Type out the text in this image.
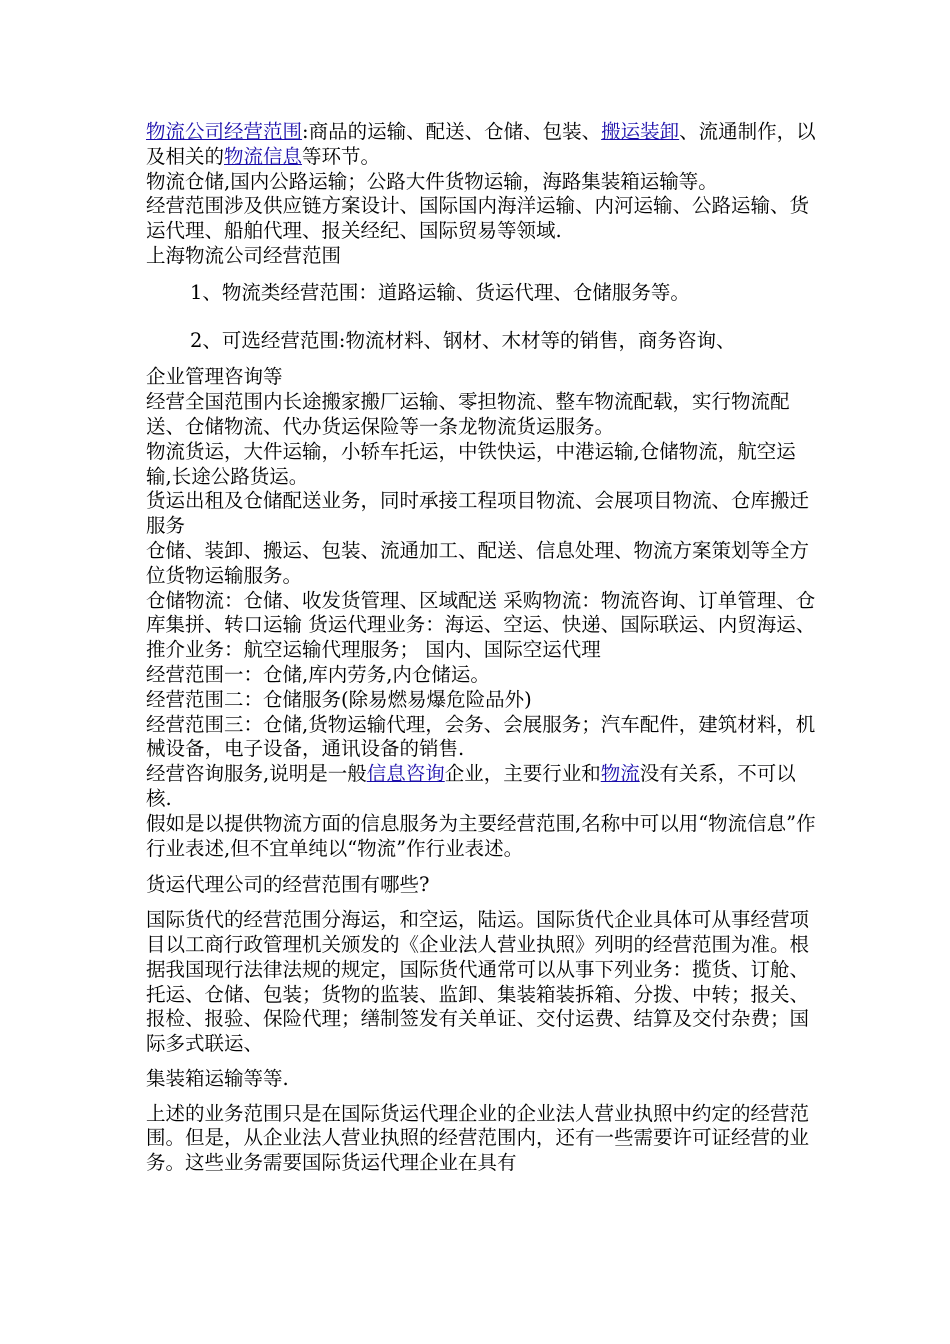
物流公司经营范围:商品的运输、配送、仓储、包装、搬运装卸、流通制作，以及相关的物流信息等环节。

物流仓储,国内公路运输；公路大件货物运输，海路集装箱运输等。

经营范围涉及供应链方案设计、国际国内海洋运输、内河运输、公路运输、货运代理、船舶代理、报关经纪、国际贸易等领域.

上海物流公司经营范围

1、物流类经营范围：道路运输、货运代理、仓储服务等。

2、可选经营范围:物流材料、钢材、木材等的销售，商务咨询、

企业管理咨询等

经营全国范围内长途搬家搬厂运输、零担物流、整车物流配载，实行物流配送、仓储物流、代办货运保险等一条龙物流货运服务。

物流货运，大件运输，小轿车托运，中铁快运，中港运输,仓储物流，航空运输,长途公路货运。

货运出租及仓储配送业务，同时承接工程项目物流、会展项目物流、仓库搬迁服务

仓储、装卸、搬运、包装、流通加工、配送、信息处理、物流方案策划等全方位货物运输服务。

仓储物流：仓储、收发货管理、区域配送 采购物流：物流咨询、订单管理、仓库集拼、转口运输 货运代理业务：海运、空运、快递、国际联运、内贸海运、推介业务：航空运输代理服务； 国内、国际空运代理

经营范围一：仓储,库内劳务,内仓储运。

经营范围二：仓储服务(除易燃易爆危险品外)

经营范围三：仓储,货物运输代理，会务、会展服务；汽车配件，建筑材料，机械设备，电子设备，通讯设备的销售.

经营咨询服务,说明是一般信息咨询企业，主要行业和物流没有关系，不可以核.

假如是以提供物流方面的信息服务为主要经营范围,名称中可以用“物流信息”作行业表述,但不宜单纯以“物流”作行业表述。

货运代理公司的经营范围有哪些?

国际货代的经营范围分海运，和空运，陆运。国际货代企业具体可从事经营项目以工商行政管理机关颁发的《企业法人营业执照》列明的经营范围为准。根据我国现行法律法规的规定，国际货代通常可以从事下列业务：揽货、订舱、托运、仓储、包装；货物的监装、监卸、集装箱装拆箱、分拨、中转；报关、报检、报验、保险代理；缮制签发有关单证、交付运费、结算及交付杂费；国际多式联运、

集装箱运输等等.

上述的业务范围只是在国际货运代理企业的企业法人营业执照中约定的经营范围。但是，从企业法人营业执照的经营范围内，还有一些需要许可证经营的业务。这些业务需要国际货运代理企业在具有
